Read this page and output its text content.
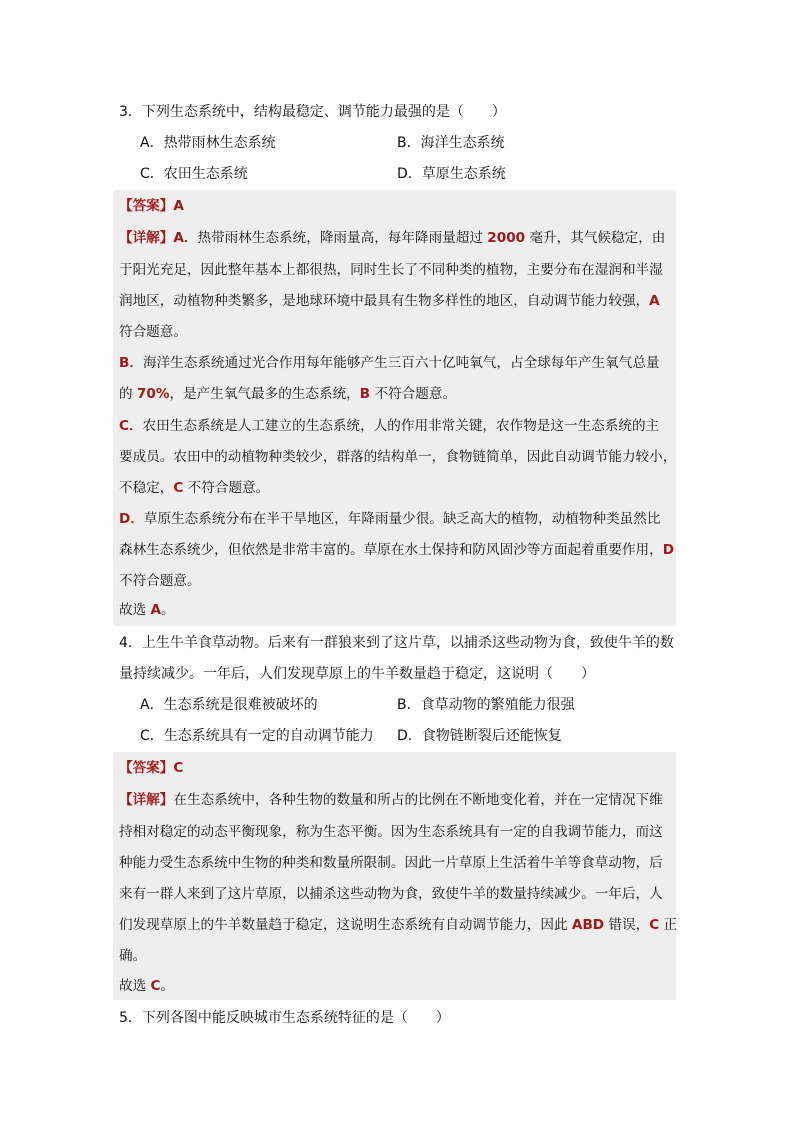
3．下列生态系统中，结构最稳定、调节能力最强的是（　　）

A．热带雨林生态系统	B．海洋生态系统
C．农田生态系统	D．草原生态系统
【答案】A
【详解】A．热带雨林生态系统，降雨量高，每年降雨量超过 2000 毫升，其气候稳定，由
于阳光充足，因此整年基本上都很热，同时生长了不同种类的植物，主要分布在湿润和半湿
润地区，动植物种类繁多，是地球环境中最具有生物多样性的地区，自动调节能力较强，A
符合题意。
B．海洋生态系统通过光合作用每年能够产生三百六十亿吨氧气，占全球每年产生氧气总量
的 70%，是产生氧气最多的生态系统，B 不符合题意。
C．农田生态系统是人工建立的生态系统，人的作用非常关键，农作物是这一生态系统的主
要成员。农田中的动植物种类较少，群落的结构单一，食物链简单，因此自动调节能力较小，
不稳定，C 不符合题意。
D．草原生态系统分布在半干旱地区，年降雨量少很。缺乏高大的植物，动植物种类虽然比
森林生态系统少，但依然是非常丰富的。草原在水土保持和防风固沙等方面起着重要作用，D
不符合题意。
故选 A。

4．上生牛羊食草动物。后来有一群狼来到了这片草，以捕杀这些动物为食，致使牛羊的数

量持续减少。一年后，人们发现草原上的牛羊数量趋于稳定，这说明（　　）

A．生态系统是很难被破坏的	B．食草动物的繁殖能力很强
C．生态系统具有一定的自动调节能力 D．食物链断裂后还能恢复
【答案】C
【详解】在生态系统中，各种生物的数量和所占的比例在不断地变化着，并在一定情况下维
持相对稳定的动态平衡现象，称为生态平衡。因为生态系统具有一定的自我调节能力，而这
种能力受生态系统中生物的种类和数量所限制。因此一片草原上生活着牛羊等食草动物，后
来有一群人来到了这片草原，以捕杀这些动物为食，致使牛羊的数量持续减少。一年后，人
们发现草原上的牛羊数量趋于稳定，这说明生态系统有自动调节能力，因此 ABD 错误，C 正
确。
故选 C。

5．下列各图中能反映城市生态系统特征的是（　　）
